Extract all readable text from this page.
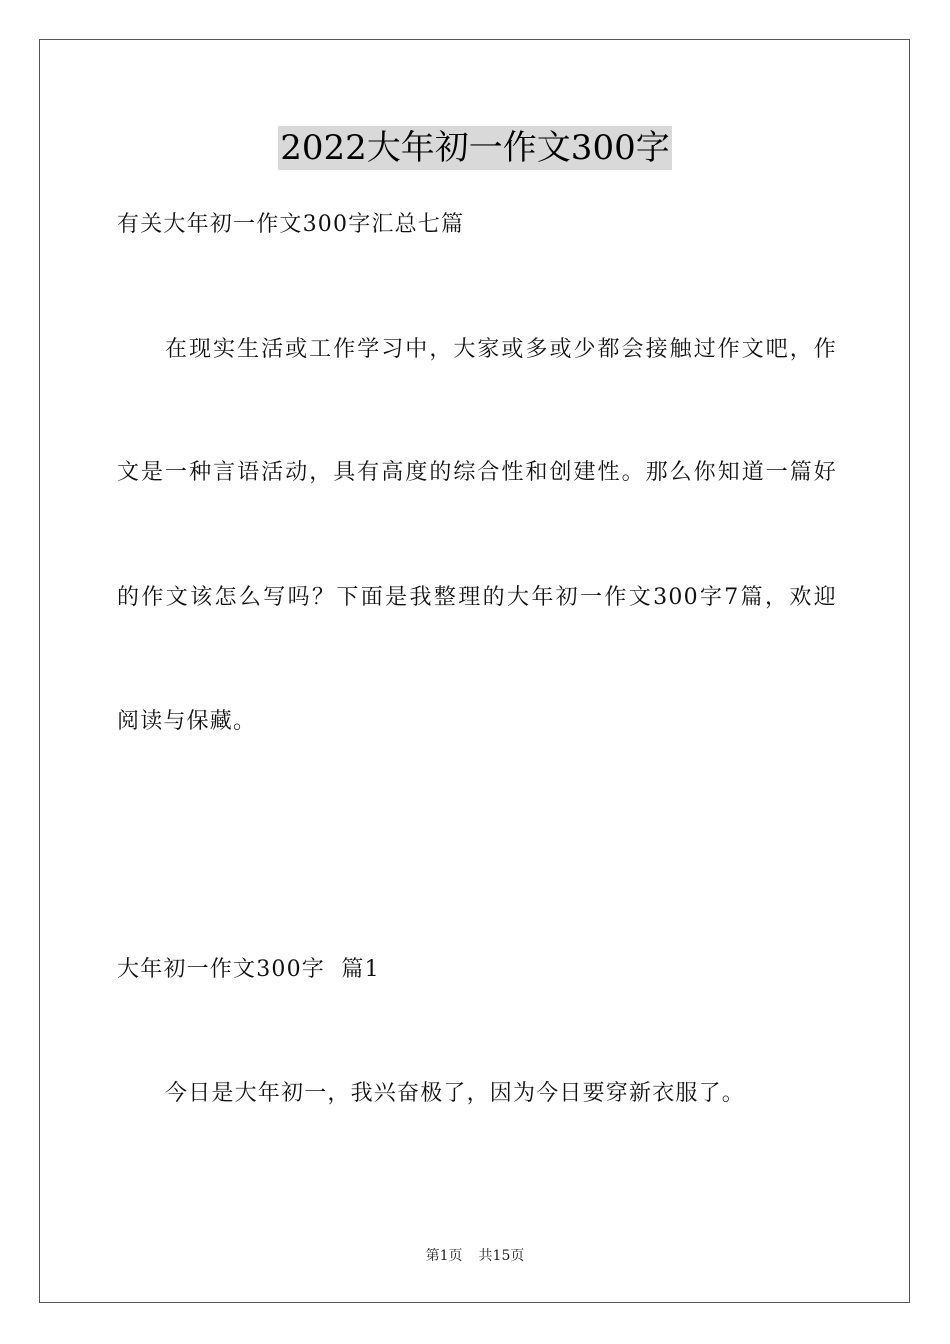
2022大年初一作文300字
有关大年初一作文300字汇总七篇
在现实生活或工作学习中，大家或多或少都会接触过作文吧，作
文是一种言语活动，具有高度的综合性和创建性。那么你知道一篇好
的作文该怎么写吗？下面是我整理的大年初一作文300字7篇，欢迎
阅读与保藏。
大年初一作文300字  篇1
今日是大年初一，我兴奋极了，因为今日要穿新衣服了。
第1页 共15页
